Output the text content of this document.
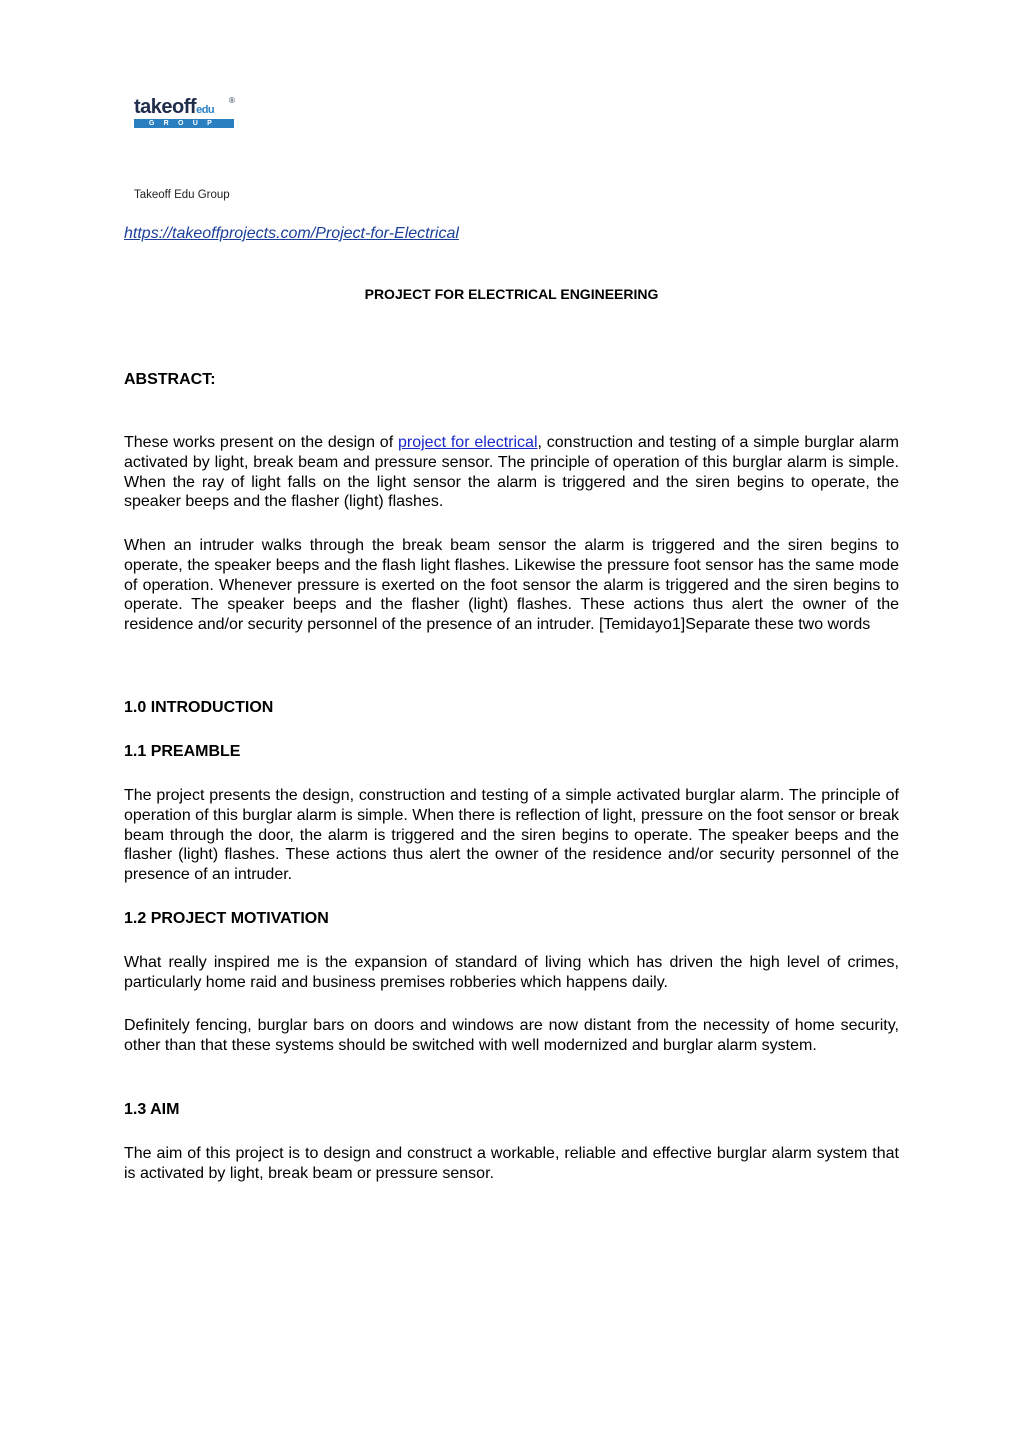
takeoffedu
®
GROUP
Takeoff Edu Group
https://takeoffprojects.com/Project-for-Electrical
PROJECT FOR ELECTRICAL ENGINEERING
ABSTRACT:

These works present on the design of project for electrical, construction and testing of a simple burglar alarm activated by light, break beam and pressure sensor. The principle of operation of this burglar alarm is simple. When the ray of light falls on the light sensor the alarm is triggered and the siren begins to operate, the speaker beeps and the flasher (light) flashes.

When an intruder walks through the break beam sensor the alarm is triggered and the siren begins to operate, the speaker beeps and the flash light flashes. Likewise the pressure foot sensor has the same mode of operation. Whenever pressure is exerted on the foot sensor the alarm is triggered and the siren begins to operate. The speaker beeps and the flasher (light) flashes. These actions thus alert the owner of the residence and/or security personnel of the presence of an intruder. [Temidayo1]Separate these two words

1.0 INTRODUCTION
1.1 PREAMBLE

The project presents the design, construction and testing of a simple activated burglar alarm. The principle of operation of this burglar alarm is simple. When there is reflection of light, pressure on the foot sensor or break beam through the door, the alarm is triggered and the siren begins to operate. The speaker beeps and the flasher (light) flashes. These actions thus alert the owner of the residence and/or security personnel of the presence of an intruder.

1.2 PROJECT MOTIVATION

What really inspired me is the expansion of standard of living which has driven the high level of crimes, particularly home raid and business premises robberies which happens daily.

Definitely fencing, burglar bars on doors and windows are now distant from the necessity of home security, other than that these systems should be switched with well modernized and burglar alarm system.

1.3 AIM

The aim of this project is to design and construct a workable, reliable and effective burglar alarm system that is activated by light, break beam or pressure sensor.
